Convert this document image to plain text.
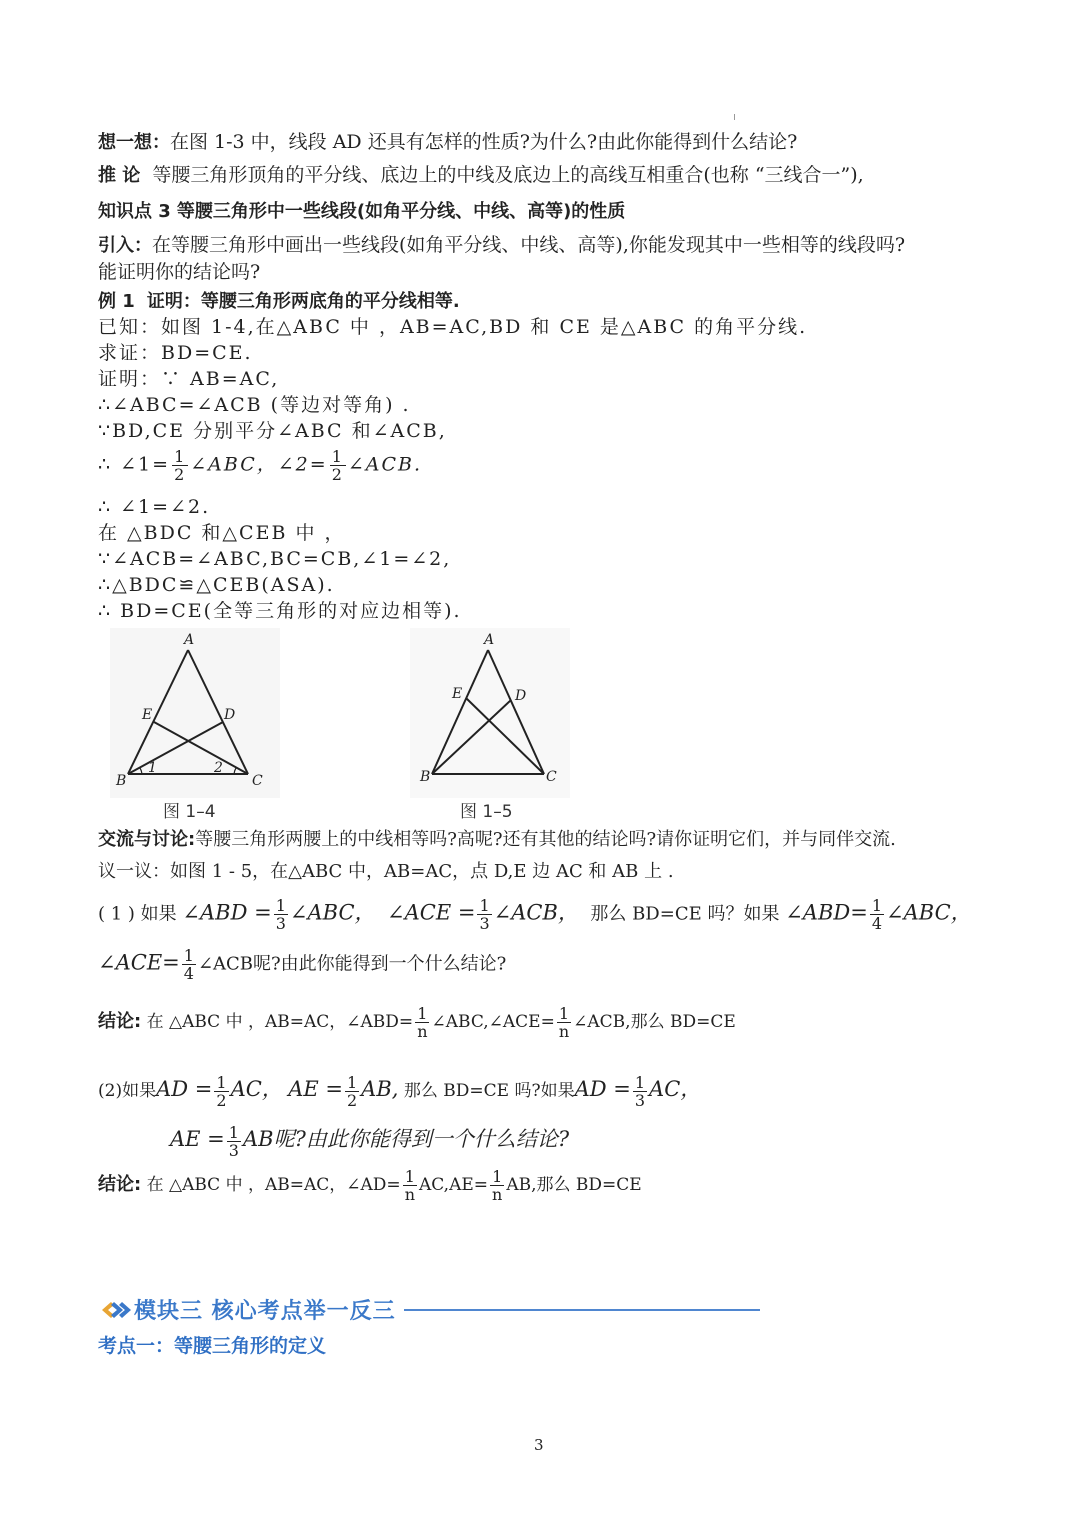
想一想：在图 1-3 中，线段 AD 还具有怎样的性质?为什么?由此你能得到什么结论?
推 论 等腰三角形顶角的平分线、底边上的中线及底边上的高线互相重合(也称 “三线合一”),
知识点 3 等腰三角形中一些线段(如角平分线、中线、高等)的性质
引入：在等腰三角形中画出一些线段(如角平分线、中线、高等),你能发现其中一些相等的线段吗?
能证明你的结论吗?
例 1 证明：等腰三角形两底角的平分线相等.
已知：如图 1-4,在△ABC 中 ，AB=AC,BD 和 CE 是△ABC 的角平分线.
求证：BD=CE.
证明：∵ AB=AC,
∴∠ABC=∠ACB (等边对等角) .
∵BD,CE 分别平分∠ABC 和∠ACB,
∴ ∠1= $\frac{1}{2}$ ∠ABC，∠2= $\frac{1}{2}$ ∠ACB.
∴ ∠1=∠2.
在 △BDC 和△CEB 中 ，
∵∠ACB=∠ABC,BC=CB,∠1=∠2,
∴△BDC≌△CEB(ASA).
∴ BD=CE(全等三角形的对应边相等).
A
B	C
D
E
1	2
图 1–4
A
B	C
D
E
图 1–5
交流与讨论:等腰三角形两腰上的中线相等吗?高呢?还有其他的结论吗?请你证明它们，并与同伴交流.
议一议：如图 1 - 5，在△ABC 中，AB=AC，点 D,E 边 AC 和 AB 上 .
( 1 ) 如果 ∠ABD = $\frac{1}{3}$ ∠ABC， ∠ACE = $\frac{1}{3}$ ∠ACB， 那么 BD=CE 吗？如果 ∠ABD= $\frac{1}{4}$ ∠ABC，
∠ACE= $\frac{1}{4}$ ∠ACB呢?由此你能得到一个什么结论?
结论: 在 △ABC 中 ，AB=AC，∠ABD= $\frac{1}{n}$ ∠ABC,∠ACE= $\frac{1}{n}$ ∠ACB,那么 BD=CE
(2)如果AD = $\frac{1}{2}$ AC， AE = $\frac{1}{2}$ AB, 那么 BD=CE 吗?如果AD = $\frac{1}{3}$ AC，
AE = $\frac{1}{3}$ AB呢?由此你能得到一个什么结论?
结论: 在 △ABC 中 ，AB=AC，∠AD= $\frac{1}{n} AC,AE= \frac{1}{n}$ AB,那么 BD=CE
模块三 核心考点举一反三
考点一：等腰三角形的定义
3
